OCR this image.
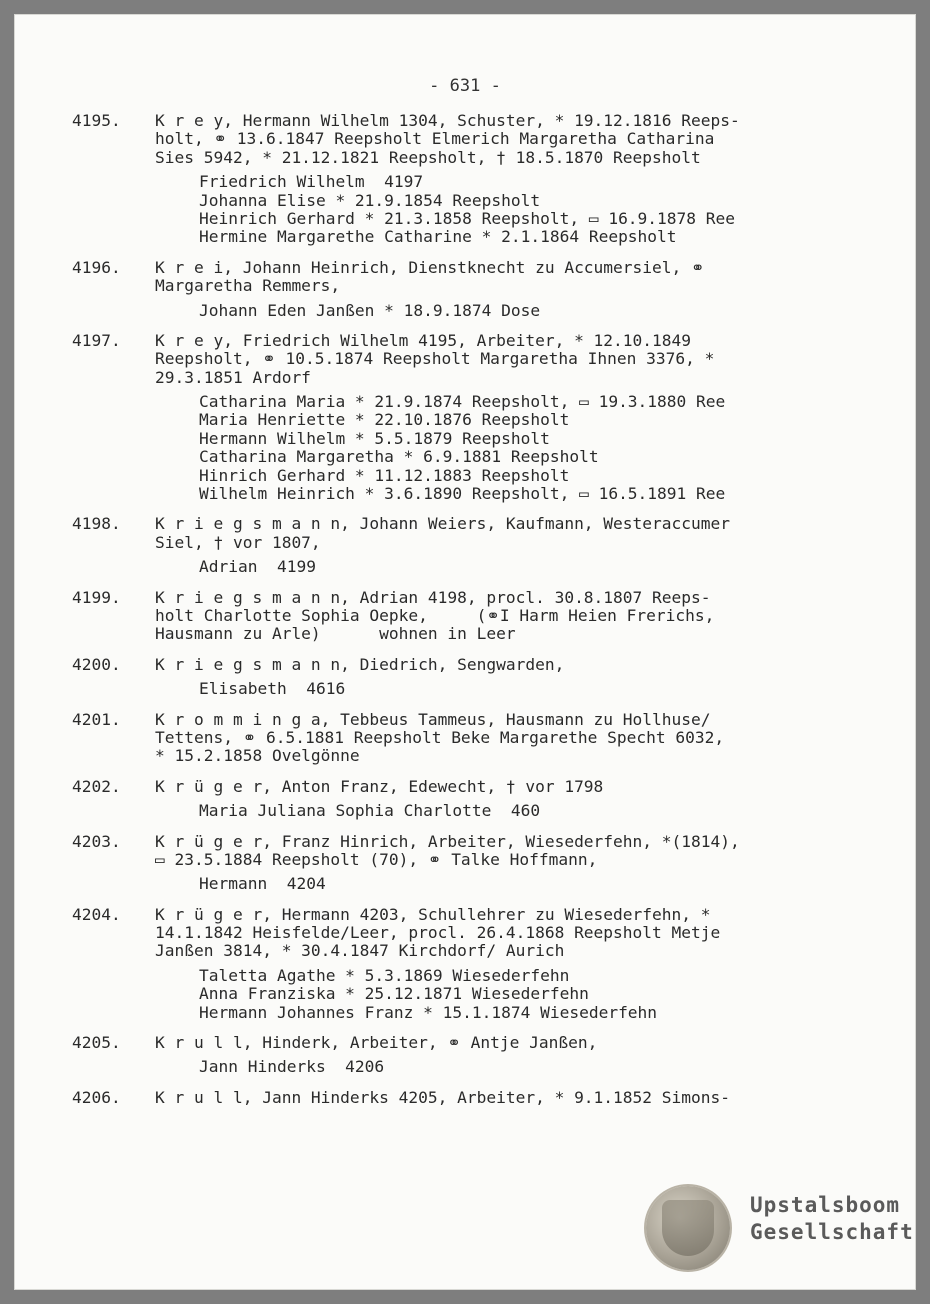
- 631 -
4195. K r e y, Hermann Wilhelm 1304, Schuster, * 19.12.1816 Reeps-
holt, ⚭ 13.6.1847 Reepsholt Elmerich Margaretha Catharina
Sies 5942, * 21.12.1821 Reepsholt, † 18.5.1870 Reepsholt
Friedrich Wilhelm  4197
Johanna Elise * 21.9.1854 Reepsholt
Heinrich Gerhard * 21.3.1858 Reepsholt, ▭ 16.9.1878 Ree
Hermine Margarethe Catharine * 2.1.1864 Reepsholt
4196. K r e i, Johann Heinrich, Dienstknecht zu Accumersiel, ⚭
Margaretha Remmers,
Johann Eden Janßen * 18.9.1874 Dose
4197. K r e y, Friedrich Wilhelm 4195, Arbeiter, * 12.10.1849
Reepsholt, ⚭ 10.5.1874 Reepsholt Margaretha Ihnen 3376, *
29.3.1851 Ardorf
Catharina Maria * 21.9.1874 Reepsholt, ▭ 19.3.1880 Ree
Maria Henriette * 22.10.1876 Reepsholt
Hermann Wilhelm * 5.5.1879 Reepsholt
Catharina Margaretha * 6.9.1881 Reepsholt
Hinrich Gerhard * 11.12.1883 Reepsholt
Wilhelm Heinrich * 3.6.1890 Reepsholt, ▭ 16.5.1891 Ree
4198. K r i e g s m a n n, Johann Weiers, Kaufmann, Westeraccumer
Siel, † vor 1807,
Adrian  4199
4199. K r i e g s m a n n, Adrian 4198, procl. 30.8.1807 Reeps-
holt Charlotte Sophia Oepke,     (⚭I Harm Heien Frerichs,
Hausmann zu Arle)      wohnen in Leer
4200. K r i e g s m a n n, Diedrich, Sengwarden,
Elisabeth  4616
4201. K r o m m i n g a, Tebbeus Tammeus, Hausmann zu Hollhuse/
Tettens, ⚭ 6.5.1881 Reepsholt Beke Margarethe Specht 6032,
* 15.2.1858 Ovelgönne
4202. K r ü g e r, Anton Franz, Edewecht, † vor 1798
Maria Juliana Sophia Charlotte  460
4203. K r ü g e r, Franz Hinrich, Arbeiter, Wiesederfehn, *(1814),
▭ 23.5.1884 Reepsholt (70), ⚭ Talke Hoffmann,
Hermann  4204
4204. K r ü g e r, Hermann 4203, Schullehrer zu Wiesederfehn, *
14.1.1842 Heisfelde/Leer, procl. 26.4.1868 Reepsholt Metje
Janßen 3814, * 30.4.1847 Kirchdorf/ Aurich
Taletta Agathe * 5.3.1869 Wiesederfehn
Anna Franziska * 25.12.1871 Wiesederfehn
Hermann Johannes Franz * 15.1.1874 Wiesederfehn
4205. K r u l l, Hinderk, Arbeiter, ⚭ Antje Janßen,
Jann Hinderks  4206
4206. K r u l l, Jann Hinderks 4205, Arbeiter, * 9.1.1852 Simons-
Upstalsboom
Gesellschaft
